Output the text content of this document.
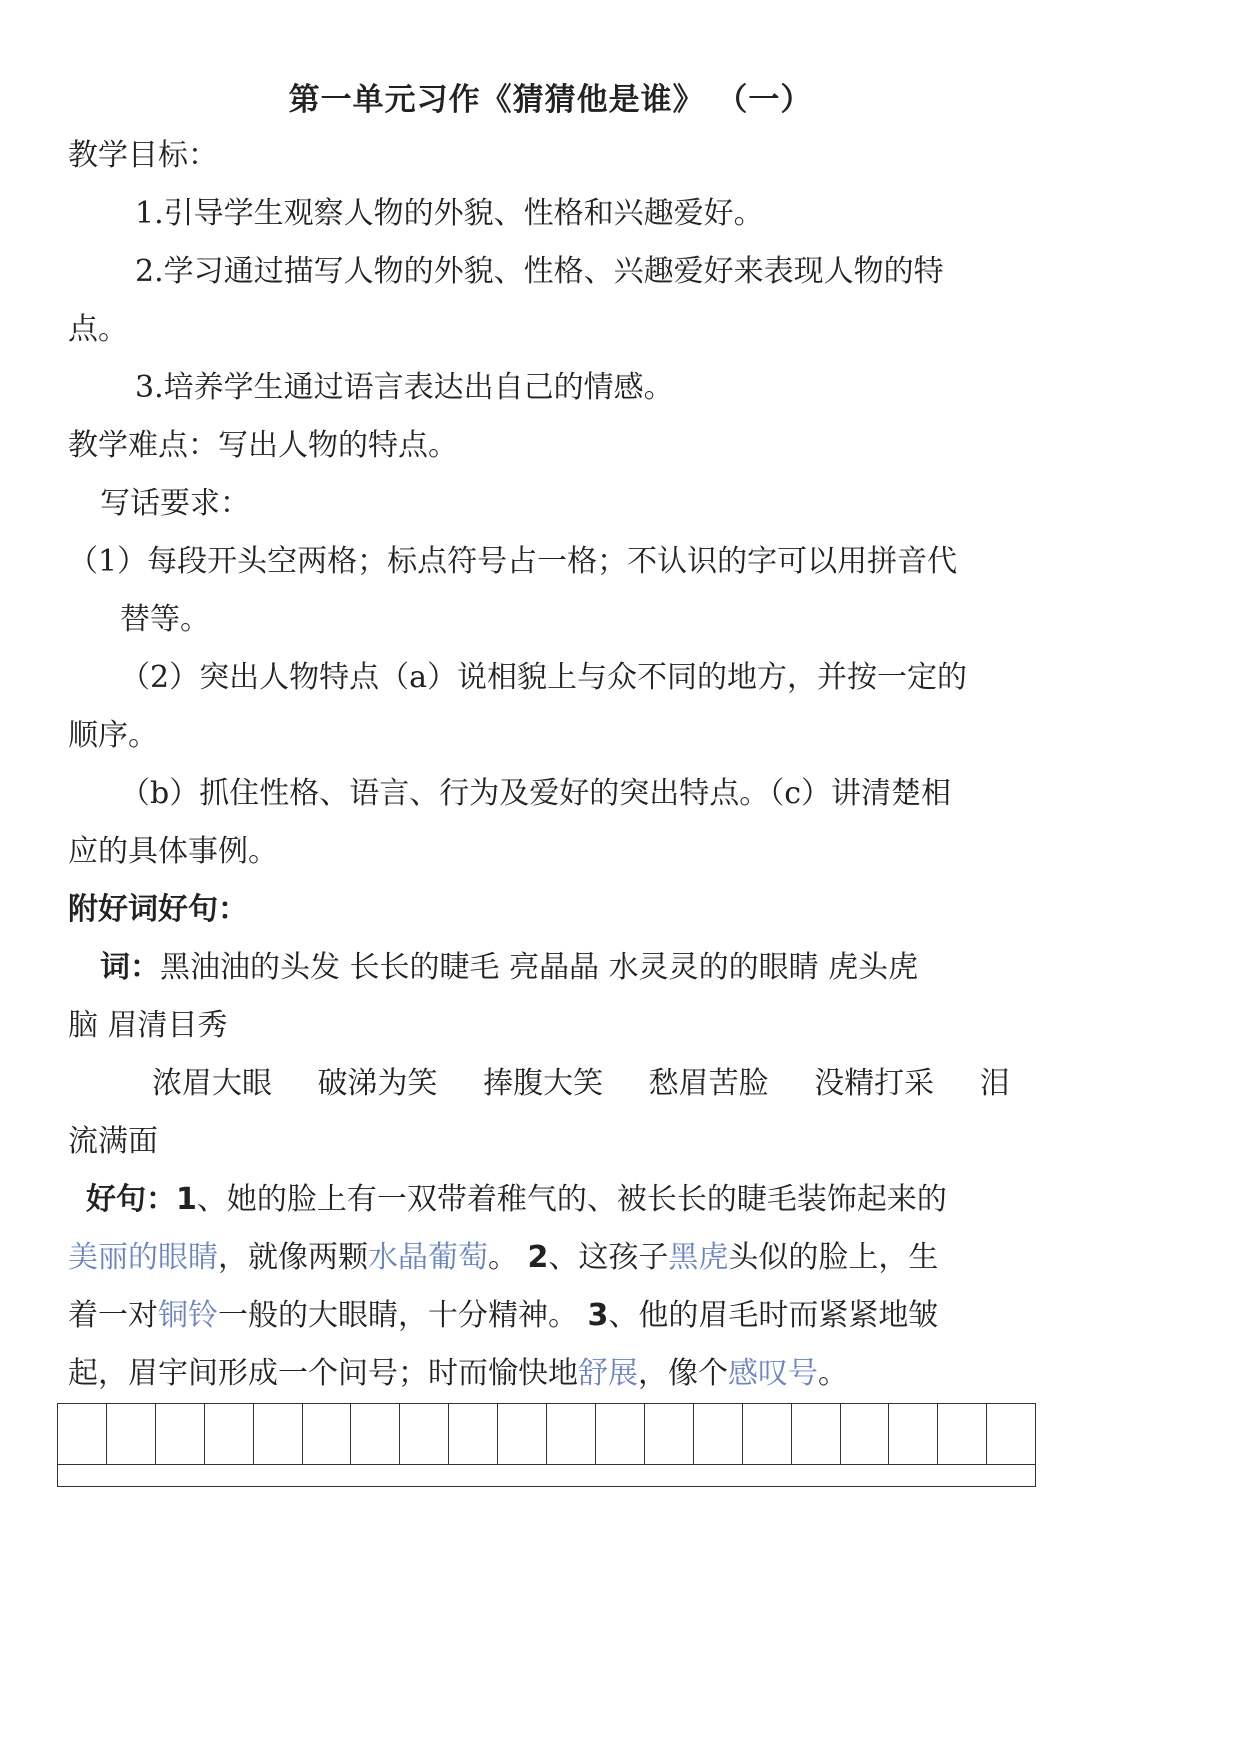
第一单元习作《猜猜他是谁》 （一）
教学目标：
1.引导学生观察人物的外貌、性格和兴趣爱好。
2.学习通过描写人物的外貌、性格、兴趣爱好来表现人物的特
点。
3.培养学生通过语言表达出自己的情感。
教学难点：写出人物的特点。
写话要求：
（1）每段开头空两格；标点符号占一格；不认识的字可以用拼音代
替等。
（2）突出人物特点（a）说相貌上与众不同的地方，并按一定的
顺序。
（b）抓住性格、语言、行为及爱好的突出特点。（c）讲清楚相
应的具体事例。
附好词好句：
词：黑油油的头发 长长的睫毛 亮晶晶 水灵灵的的眼睛 虎头虎
脑 眉清目秀
浓眉大眼 破涕为笑 捧腹大笑 愁眉苦脸 没精打采 泪
流满面
好句：1、她的脸上有一双带着稚气的、被长长的睫毛装饰起来的
美丽的眼睛，就像两颗水晶葡萄。 2、这孩子黑虎头似的脸上，生
着一对铜铃一般的大眼睛，十分精神。 3、他的眉毛时而紧紧地皱
起，眉宇间形成一个问号；时而愉快地舒展，像个感叹号。
